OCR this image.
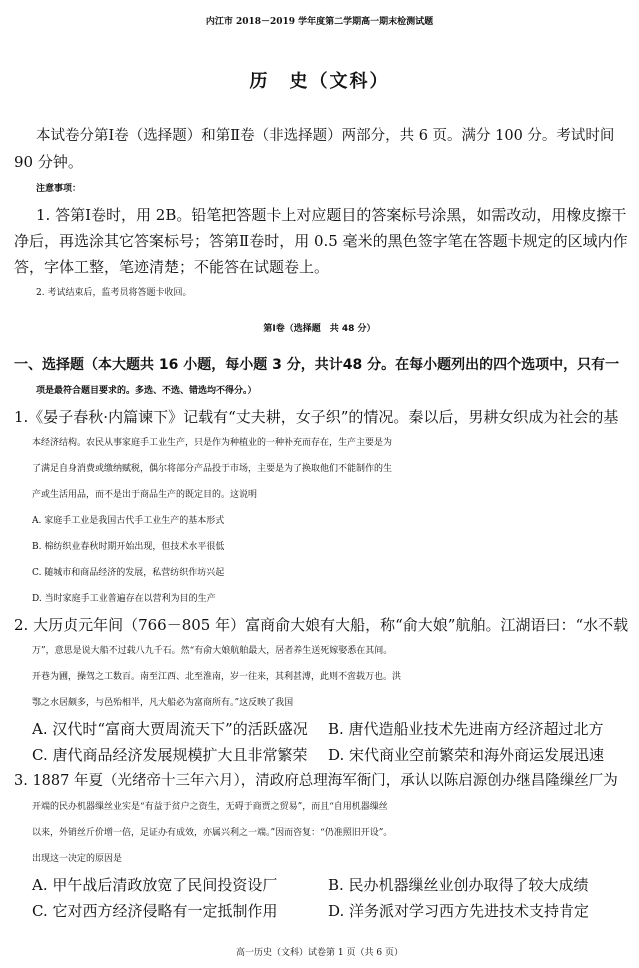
内江市 2018－2019 学年度第二学期高一期末检测试题
历　史（文科）
本试卷分第Ⅰ卷（选择题）和第Ⅱ卷（非选择题）两部分，共 6 页。满分 100 分。考试时间
90 分钟。
注意事项：
1. 答第Ⅰ卷时，用 2B。铅笔把答题卡上对应题目的答案标号涂黑，如需改动，用橡皮擦干
净后，再选涂其它答案标号；答第Ⅱ卷时，用 0.5 毫米的黑色签字笔在答题卡规定的区域内作
答，字体工整，笔迹清楚；不能答在试题卷上。
2. 考试结束后，监考员将答题卡收回。
第Ⅰ卷（选择题　共 48 分）
一、选择题（本大题共 16 小题，每小题 3 分，共计48 分。在每小题列出的四个选项中，只有一
项是最符合题目要求的。多选、不选、错选均不得分。）
1.《晏子春秋·内篇谏下》记载有“丈夫耕，女子织”的情况。秦以后，男耕女织成为社会的基
本经济结构。农民从事家庭手工业生产，只是作为种植业的一种补充而存在，生产主要是为
了满足自身消费或缴纳赋税，偶尔将部分产品投于市场，主要是为了换取他们不能制作的生
产或生活用品，而不是出于商品生产的既定目的。这说明
A. 家庭手工业是我国古代手工业生产的基本形式
B. 棉纺织业春秋时期开始出现，但技术水平很低
C. 随城市和商品经济的发展，私营纺织作坊兴起
D. 当时家庭手工业普遍存在以营利为目的生产
2. 大历贞元年间（766－805 年）富商俞大娘有大船，称“俞大娘”航舶。江湖语曰：“水不载
万”，意思是说大船不过载八九千石。然“有俞大娘航舶最大，居者养生送死嫁娶悉在其间。
开巷为圃，操驾之工数百。南至江西、北至淮南，岁一往来，其利甚溥，此则不啻载万也。洪
鄂之水居颇多，与邑殆相半，凡大船必为富商所有。”这反映了我国
A. 汉代时“富商大贾周流天下”的活跃盛况 B. 唐代造船业技术先进南方经济超过北方
C. 唐代商品经济发展规模扩大且非常繁荣 D. 宋代商业空前繁荣和海外商运发展迅速
3. 1887 年夏（光绪帝十三年六月），清政府总理海军衙门，承认以陈启源创办继昌隆缫丝厂为
开端的民办机器缫丝业实是“有益于贫户之资生，无碍于商贾之贸易”，而且“自用机器缫丝
以来，外销丝斤价增一倍，足证办有成效，亦属兴利之一端。”因而咨复：“仍准照旧开设”。
出现这一决定的原因是
A. 甲午战后清政放宽了民间投资设厂	B. 民办机器缫丝业创办取得了较大成绩
C. 它对西方经济侵略有一定抵制作用	D. 洋务派对学习西方先进技术支持肯定
高一历史（文科）试卷第 1 页（共 6 页）
